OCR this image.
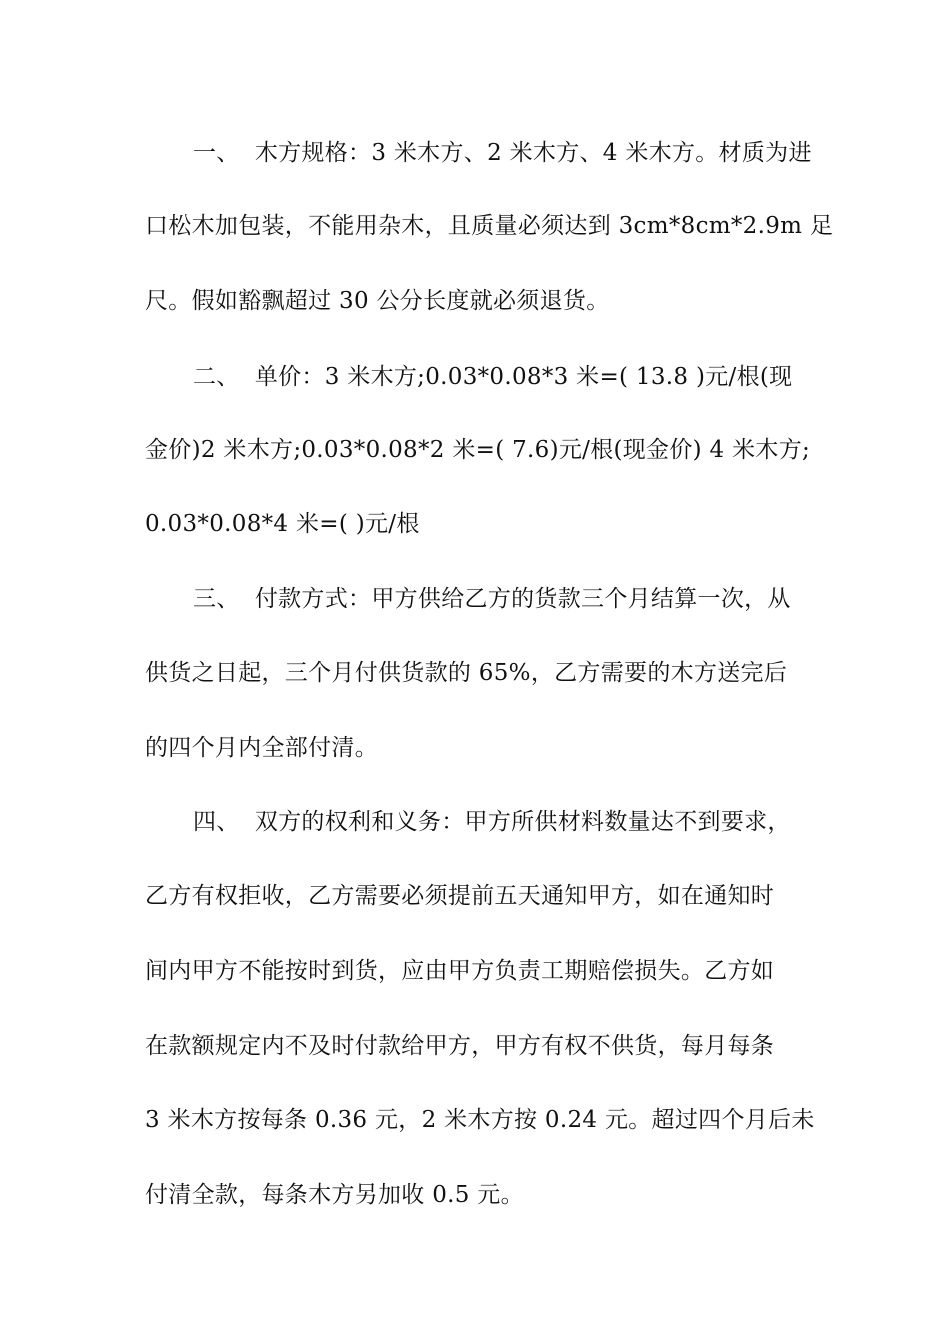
一、  木方规格：3 米木方、2 米木方、4 米木方。材质为进
口松木加包装，不能用杂木，且质量必须达到 3cm*8cm*2.9m 足
尺。假如豁飘超过 30 公分长度就必须退货。
二、  单价：3 米木方;0.03*0.08*3 米=( 13.8 )元/根(现
金价)2 米木方;0.03*0.08*2 米=( 7.6)元/根(现金价) 4 米木方;
0.03*0.08*4 米=( )元/根
三、  付款方式：甲方供给乙方的货款三个月结算一次，从
供货之日起，三个月付供货款的 65%，乙方需要的木方送完后
的四个月内全部付清。
四、  双方的权利和义务：甲方所供材料数量达不到要求，
乙方有权拒收，乙方需要必须提前五天通知甲方，如在通知时
间内甲方不能按时到货，应由甲方负责工期赔偿损失。乙方如
在款额规定内不及时付款给甲方，甲方有权不供货，每月每条
3 米木方按每条 0.36 元，2 米木方按 0.24 元。超过四个月后未
付清全款，每条木方另加收 0.5 元。
